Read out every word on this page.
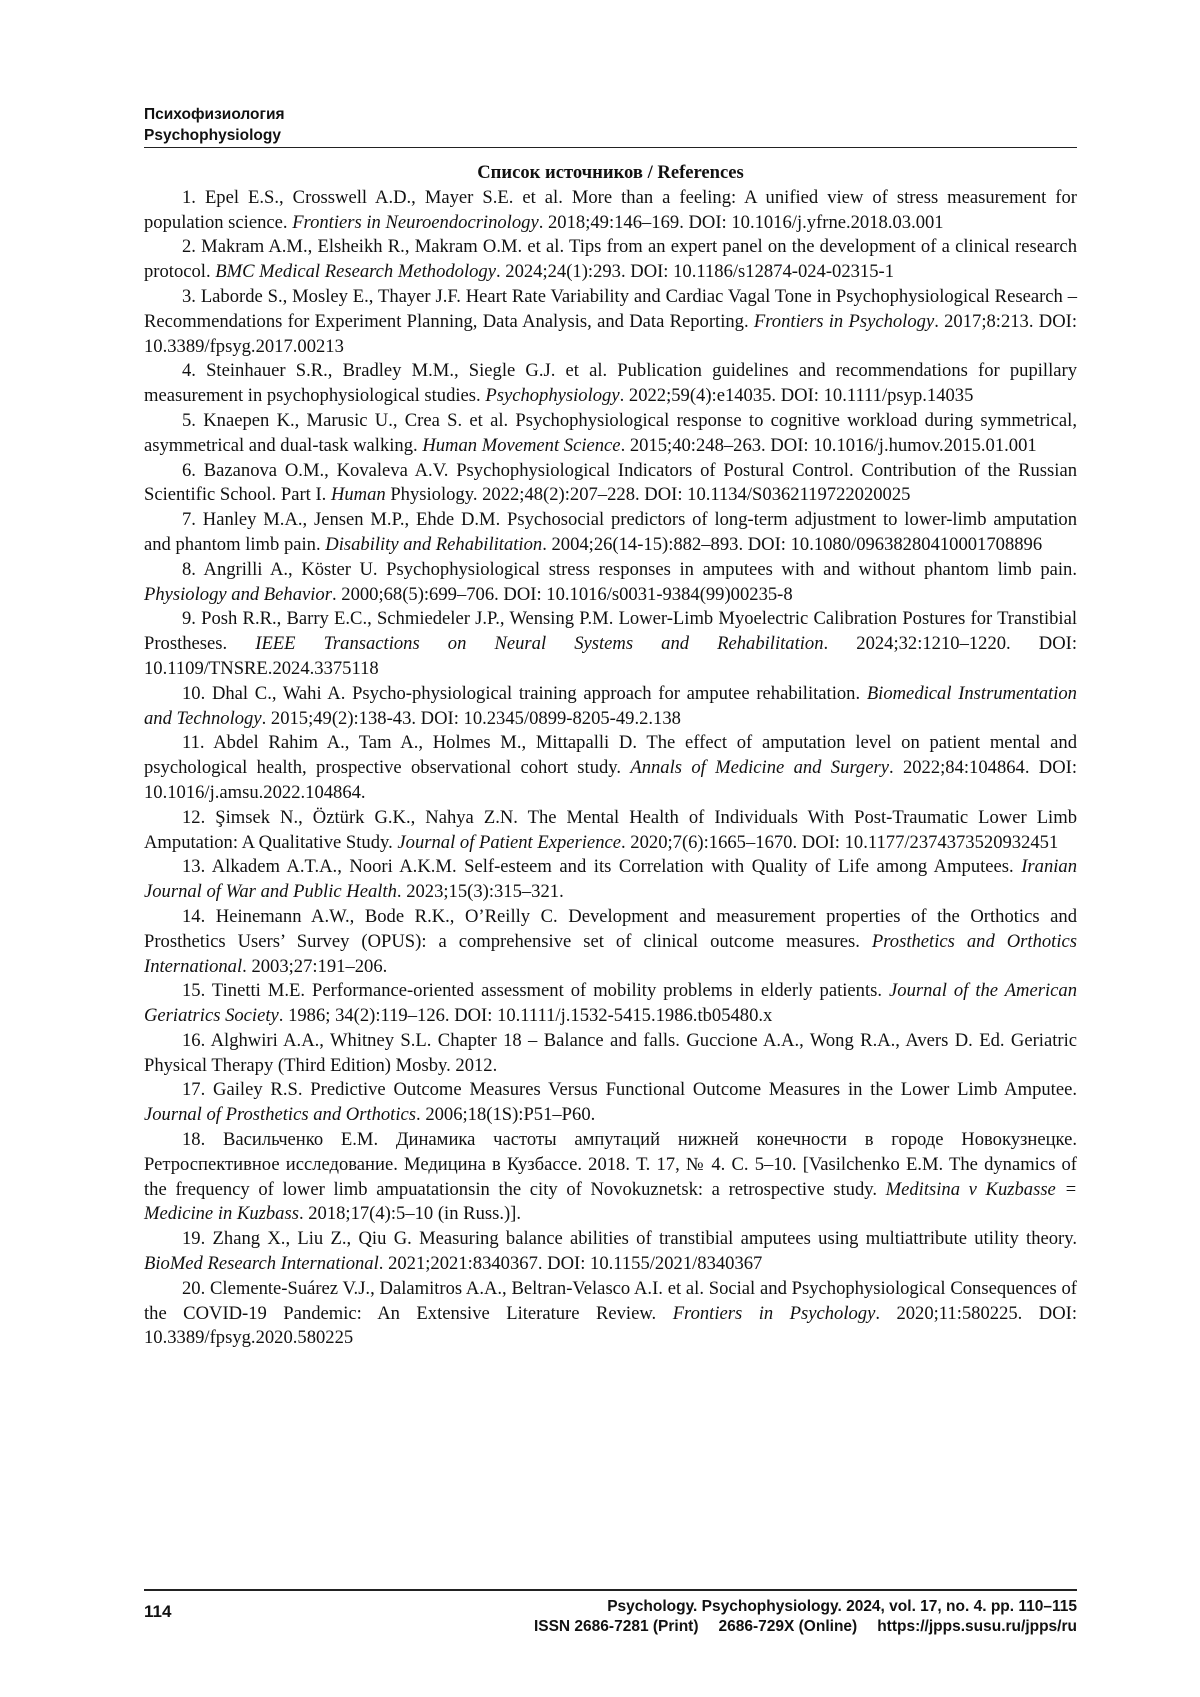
Психофизиология
Psychophysiology
Список источников / References
1. Epel E.S., Crosswell A.D., Mayer S.E. et al. More than a feeling: A unified view of stress measurement for population science. Frontiers in Neuroendocrinology. 2018;49:146–169. DOI: 10.1016/j.yfrne.2018.03.001
2. Makram A.M., Elsheikh R., Makram O.M. et al. Tips from an expert panel on the development of a clinical research protocol. BMC Medical Research Methodology. 2024;24(1):293. DOI: 10.1186/s12874-024-02315-1
3. Laborde S., Mosley E., Thayer J.F. Heart Rate Variability and Cardiac Vagal Tone in Psychophysiological Research – Recommendations for Experiment Planning, Data Analysis, and Data Reporting. Frontiers in Psychology. 2017;8:213. DOI: 10.3389/fpsyg.2017.00213
4. Steinhauer S.R., Bradley M.M., Siegle G.J. et al. Publication guidelines and recommendations for pupillary measurement in psychophysiological studies. Psychophysiology. 2022;59(4):e14035. DOI: 10.1111/psyp.14035
5. Knaepen K., Marusic U., Crea S. et al. Psychophysiological response to cognitive workload during symmetrical, asymmetrical and dual-task walking. Human Movement Science. 2015;40:248–263. DOI: 10.1016/j.humov.2015.01.001
6. Bazanova O.M., Kovaleva A.V. Psychophysiological Indicators of Postural Control. Contribution of the Russian Scientific School. Part I. Human Physiology. 2022;48(2):207–228. DOI: 10.1134/S0362119722020025
7. Hanley M.A., Jensen M.P., Ehde D.M. Psychosocial predictors of long-term adjustment to lower-limb amputation and phantom limb pain. Disability and Rehabilitation. 2004;26(14-15):882–893. DOI: 10.1080/09638280410001708896
8. Angrilli A., Köster U. Psychophysiological stress responses in amputees with and without phantom limb pain. Physiology and Behavior. 2000;68(5):699–706. DOI: 10.1016/s0031-9384(99)00235-8
9. Posh R.R., Barry E.C., Schmiedeler J.P., Wensing P.M. Lower-Limb Myoelectric Calibration Postures for Transtibial Prostheses. IEEE Transactions on Neural Systems and Rehabilitation. 2024;32:1210–1220. DOI: 10.1109/TNSRE.2024.3375118
10. Dhal C., Wahi A. Psycho-physiological training approach for amputee rehabilitation. Biomedical Instrumentation and Technology. 2015;49(2):138-43. DOI: 10.2345/0899-8205-49.2.138
11. Abdel Rahim A., Tam A., Holmes M., Mittapalli D. The effect of amputation level on patient mental and psychological health, prospective observational cohort study. Annals of Medicine and Surgery. 2022;84:104864. DOI: 10.1016/j.amsu.2022.104864.
12. Şimsek N., Öztürk G.K., Nahya Z.N. The Mental Health of Individuals With Post-Traumatic Lower Limb Amputation: A Qualitative Study. Journal of Patient Experience. 2020;7(6):1665–1670. DOI: 10.1177/2374373520932451
13. Alkadem A.T.A., Noori A.K.M. Self-esteem and its Correlation with Quality of Life among Amputees. Iranian Journal of War and Public Health. 2023;15(3):315–321.
14. Heinemann A.W., Bode R.K., O’Reilly C. Development and measurement properties of the Orthotics and Prosthetics Users’ Survey (OPUS): a comprehensive set of clinical outcome measures. Prosthetics and Orthotics International. 2003;27:191–206.
15. Tinetti M.E. Performance-oriented assessment of mobility problems in elderly patients. Journal of the American Geriatrics Society. 1986; 34(2):119–126. DOI: 10.1111/j.1532-5415.1986.tb05480.x
16. Alghwiri A.A., Whitney S.L. Chapter 18 – Balance and falls. Guccione A.A., Wong R.A., Avers D. Ed. Geriatric Physical Therapy (Third Edition) Mosby. 2012.
17. Gailey R.S. Predictive Outcome Measures Versus Functional Outcome Measures in the Lower Limb Amputee. Journal of Prosthetics and Orthotics. 2006;18(1S):P51–P60.
18. Васильченко Е.М. Динамика частоты ампутаций нижней конечности в городе Новокузнецке. Ретроспективное исследование. Медицина в Кузбассе. 2018. Т. 17, № 4. С. 5–10. [Vasilchenko E.M. The dynamics of the frequency of lower limb ampuatationsin the city of Novokuznetsk: a retrospective study. Meditsina v Kuzbasse = Medicine in Kuzbass. 2018;17(4):5–10 (in Russ.)].
19. Zhang X., Liu Z., Qiu G. Measuring balance abilities of transtibial amputees using multiattribute utility theory. BioMed Research International. 2021;2021:8340367. DOI: 10.1155/2021/8340367
20. Clemente-Suárez V.J., Dalamitros A.A., Beltran-Velasco A.I. et al. Social and Psychophysiological Consequences of the COVID-19 Pandemic: An Extensive Literature Review. Frontiers in Psychology. 2020;11:580225. DOI: 10.3389/fpsyg.2020.580225
114	Psychology. Psychophysiology. 2024, vol. 17, no. 4. pp. 110–115
ISSN 2686-7281 (Print) 2686-729X (Online) https://jpps.susu.ru/jpps/ru
